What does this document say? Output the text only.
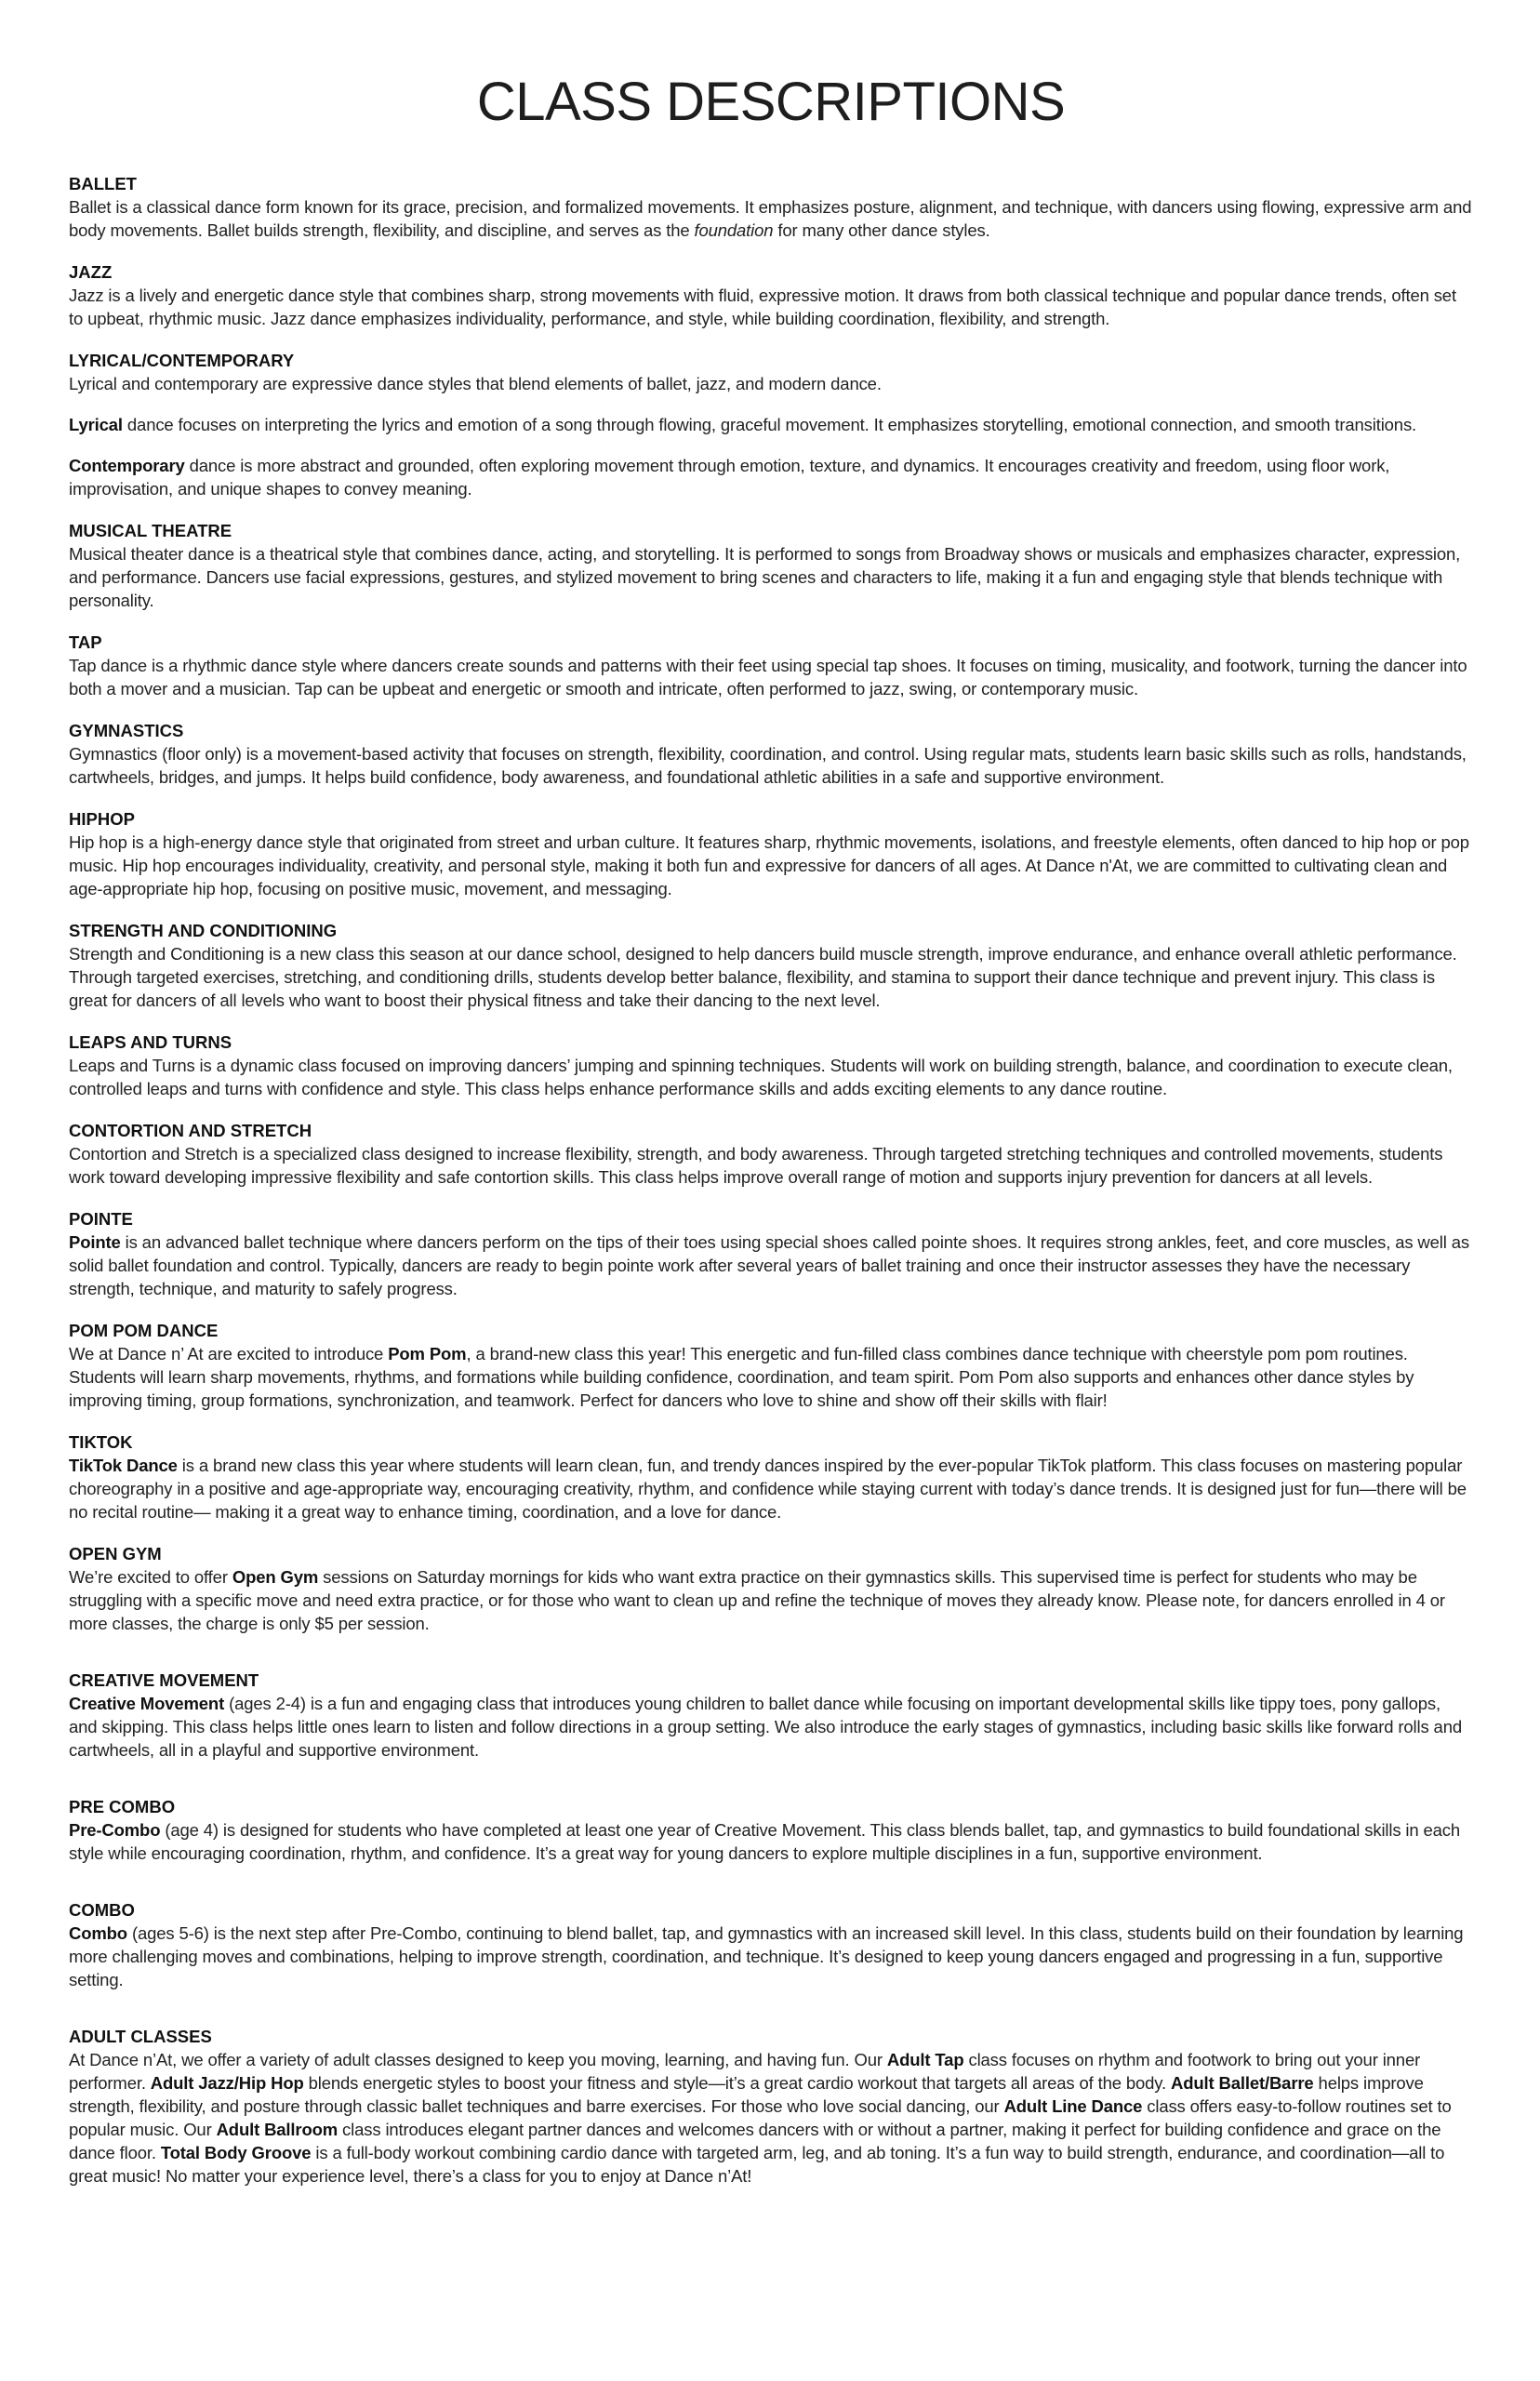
CLASS DESCRIPTIONS
BALLET

Ballet is a classical dance form known for its grace, precision, and formalized movements. It emphasizes posture, alignment, and technique, with dancers using flowing, expressive arm and body movements. Ballet builds strength, flexibility, and discipline, and serves as the foundation for many other dance styles.

JAZZ

Jazz is a lively and energetic dance style that combines sharp, strong movements with fluid, expressive motion. It draws from both classical technique and popular dance trends, often set to upbeat, rhythmic music. Jazz dance emphasizes individuality, performance, and style, while building coordination, flexibility, and strength.

LYRICAL/CONTEMPORARY

Lyrical and contemporary are expressive dance styles that blend elements of ballet, jazz, and modern dance.

Lyrical dance focuses on interpreting the lyrics and emotion of a song through flowing, graceful movement. It emphasizes storytelling, emotional connection, and smooth transitions.

Contemporary dance is more abstract and grounded, often exploring movement through emotion, texture, and dynamics. It encourages creativity and freedom, using floor work, improvisation, and unique shapes to convey meaning.

MUSICAL THEATRE

Musical theater dance is a theatrical style that combines dance, acting, and storytelling. It is performed to songs from Broadway shows or musicals and emphasizes character, expression, and performance. Dancers use facial expressions, gestures, and stylized movement to bring scenes and characters to life, making it a fun and engaging style that blends technique with personality.

TAP

Tap dance is a rhythmic dance style where dancers create sounds and patterns with their feet using special tap shoes. It focuses on timing, musicality, and footwork, turning the dancer into both a mover and a musician. Tap can be upbeat and energetic or smooth and intricate, often performed to jazz, swing, or contemporary music.

GYMNASTICS

Gymnastics (floor only) is a movement-based activity that focuses on strength, flexibility, coordination, and control. Using regular mats, students learn basic skills such as rolls, handstands, cartwheels, bridges, and jumps. It helps build confidence, body awareness, and foundational athletic abilities in a safe and supportive environment.

HIPHOP

Hip hop is a high-energy dance style that originated from street and urban culture. It features sharp, rhythmic movements, isolations, and freestyle elements, often danced to hip hop or pop music. Hip hop encourages individuality, creativity, and personal style, making it both fun and expressive for dancers of all ages. At Dance n'At, we are committed to cultivating clean and age-appropriate hip hop, focusing on positive music, movement, and messaging.

STRENGTH AND CONDITIONING

Strength and Conditioning is a new class this season at our dance school, designed to help dancers build muscle strength, improve endurance, and enhance overall athletic performance. Through targeted exercises, stretching, and conditioning drills, students develop better balance, flexibility, and stamina to support their dance technique and prevent injury. This class is great for dancers of all levels who want to boost their physical fitness and take their dancing to the next level.

LEAPS AND TURNS

Leaps and Turns is a dynamic class focused on improving dancers’ jumping and spinning techniques. Students will work on building strength, balance, and coordination to execute clean, controlled leaps and turns with confidence and style. This class helps enhance performance skills and adds exciting elements to any dance routine.

CONTORTION AND STRETCH

Contortion and Stretch is a specialized class designed to increase flexibility, strength, and body awareness. Through targeted stretching techniques and controlled movements, students work toward developing impressive flexibility and safe contortion skills. This class helps improve overall range of motion and supports injury prevention for dancers at all levels.

POINTE

Pointe is an advanced ballet technique where dancers perform on the tips of their toes using special shoes called pointe shoes. It requires strong ankles, feet, and core muscles, as well as solid ballet foundation and control. Typically, dancers are ready to begin pointe work after several years of ballet training and once their instructor assesses they have the necessary strength, technique, and maturity to safely progress.

POM POM DANCE

We at Dance n’ At are excited to introduce Pom Pom, a brand-new class this year! This energetic and fun-filled class combines dance technique with cheerstyle pom pom routines. Students will learn sharp movements, rhythms, and formations while building confidence, coordination, and team spirit. Pom Pom also supports and enhances other dance styles by improving timing, group formations, synchronization, and teamwork. Perfect for dancers who love to shine and show off their skills with flair!

TIKTOK

TikTok Dance is a brand new class this year where students will learn clean, fun, and trendy dances inspired by the ever-popular TikTok platform. This class focuses on mastering popular choreography in a positive and age-appropriate way, encouraging creativity, rhythm, and confidence while staying current with today’s dance trends. It is designed just for fun—there will be no recital routine— making it a great way to enhance timing, coordination, and a love for dance.

OPEN GYM

We’re excited to offer Open Gym sessions on Saturday mornings for kids who want extra practice on their gymnastics skills. This supervised time is perfect for students who may be struggling with a specific move and need extra practice, or for those who want to clean up and refine the technique of moves they already know. Please note, for dancers enrolled in 4 or more classes, the charge is only $5 per session.

CREATIVE MOVEMENT

Creative Movement (ages 2-4) is a fun and engaging class that introduces young children to ballet dance while focusing on important developmental skills like tippy toes, pony gallops, and skipping. This class helps little ones learn to listen and follow directions in a group setting. We also introduce the early stages of gymnastics, including basic skills like forward rolls and cartwheels, all in a playful and supportive environment.

PRE COMBO

Pre-Combo (age 4) is designed for students who have completed at least one year of Creative Movement. This class blends ballet, tap, and gymnastics to build foundational skills in each style while encouraging coordination, rhythm, and confidence. It’s a great way for young dancers to explore multiple disciplines in a fun, supportive environment.

COMBO

Combo (ages 5-6) is the next step after Pre-Combo, continuing to blend ballet, tap, and gymnastics with an increased skill level. In this class, students build on their foundation by learning more challenging moves and combinations, helping to improve strength, coordination, and technique. It’s designed to keep young dancers engaged and progressing in a fun, supportive setting.

ADULT CLASSES

At Dance n’At, we offer a variety of adult classes designed to keep you moving, learning, and having fun. Our Adult Tap class focuses on rhythm and footwork to bring out your inner performer. Adult Jazz/Hip Hop blends energetic styles to boost your fitness and style—it’s a great cardio workout that targets all areas of the body. Adult Ballet/Barre helps improve strength, flexibility, and posture through classic ballet techniques and barre exercises. For those who love social dancing, our Adult Line Dance class offers easy-to-follow routines set to popular music. Our Adult Ballroom class introduces elegant partner dances and welcomes dancers with or without a partner, making it perfect for building confidence and grace on the dance floor. Total Body Groove is a full-body workout combining cardio dance with targeted arm, leg, and ab toning. It’s a fun way to build strength, endurance, and coordination—all to great music! No matter your experience level, there’s a class for you to enjoy at Dance n’At!
